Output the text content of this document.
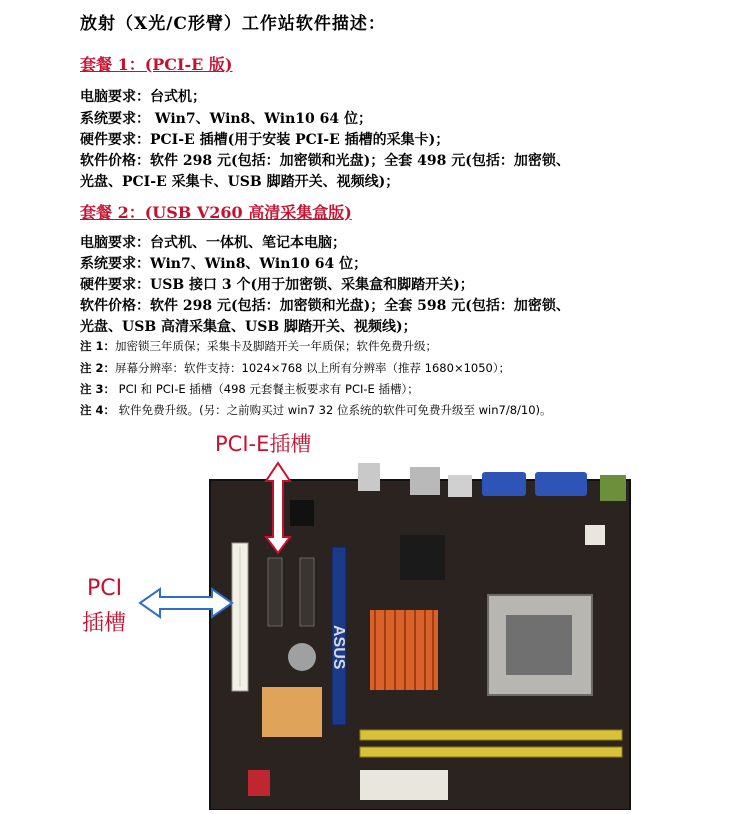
放射（X光/C形臂）工作站软件描述：
套餐 1：(PCI-E 版)
电脑要求：台式机；
系统要求： Win7、Win8、Win10 64 位；
硬件要求：PCI-E 插槽(用于安装 PCI-E 插槽的采集卡)；
软件价格：软件 298 元(包括：加密锁和光盘)；全套 498 元(包括：加密锁、
光盘、PCI-E 采集卡、USB 脚踏开关、视频线)；
套餐 2：(USB V260 高清采集盒版)
电脑要求：台式机、一体机、笔记本电脑；
系统要求：Win7、Win8、Win10 64 位；
硬件要求：USB 接口 3 个(用于加密锁、采集盒和脚踏开关)；
软件价格：软件 298 元(包括：加密锁和光盘)；全套 598 元(包括：加密锁、
光盘、USB 高清采集盒、USB 脚踏开关、视频线)；
注 1：加密锁三年质保；采集卡及脚踏开关一年质保；软件免费升级；
注 2：屏幕分辨率：软件支持：1024×768 以上所有分辨率（推荐 1680×1050）；
注 3： PCI 和 PCI-E 插槽（498 元套餐主板要求有 PCI-E 插槽）；
注 4： 软件免费升级。(另：之前购买过 win7 32 位系统的软件可免费升级至 win7/8/10)。
ASUS
PCI-E插槽
PCI
插槽
